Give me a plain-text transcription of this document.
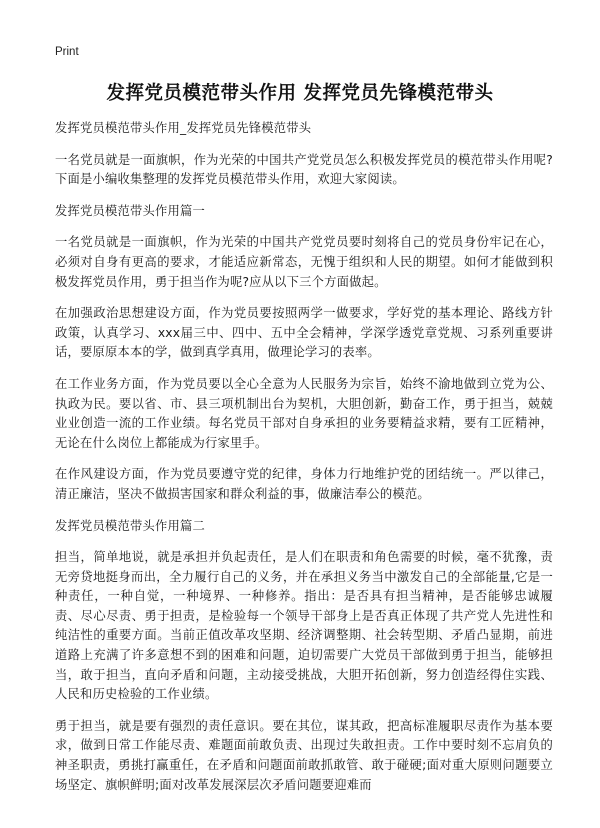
Print
发挥党员模范带头作用 发挥党员先锋模范带头

发挥党员模范带头作用_发挥党员先锋模范带头

一名党员就是一面旗帜，作为光荣的中国共产党党员怎么积极发挥党员的模范带头作用呢?下面是小编收集整理的发挥党员模范带头作用，欢迎大家阅读。

发挥党员模范带头作用篇一

一名党员就是一面旗帜，作为光荣的中国共产党党员要时刻将自己的党员身份牢记在心，必须对自身有更高的要求，才能适应新常态，无愧于组织和人民的期望。如何才能做到积极发挥党员作用，勇于担当作为呢?应从以下三个方面做起。

在加强政治思想建设方面，作为党员要按照两学一做要求，学好党的基本理论、路线方针政策，认真学习、xxx届三中、四中、五中全会精神，学深学透党章党规、习系列重要讲话，要原原本本的学，做到真学真用，做理论学习的表率。

在工作业务方面，作为党员要以全心全意为人民服务为宗旨，始终不渝地做到立党为公、执政为民。要以省、市、县三项机制出台为契机，大胆创新，勤奋工作，勇于担当，兢兢业业创造一流的工作业绩。每名党员干部对自身承担的业务要精益求精，要有工匠精神，无论在什么岗位上都能成为行家里手。

在作风建设方面，作为党员要遵守党的纪律，身体力行地维护党的团结统一。严以律己，清正廉洁，坚决不做损害国家和群众利益的事，做廉洁奉公的模范。

发挥党员模范带头作用篇二

担当，简单地说，就是承担并负起责任，是人们在职责和角色需要的时候，毫不犹豫，责无旁贷地挺身而出，全力履行自己的义务，并在承担义务当中激发自己的全部能量,它是一种责任，一种自觉，一种境界、一种修养。指出：是否具有担当精神，是否能够忠诚履责、尽心尽责、勇于担责，是检验每一个领导干部身上是否真正体现了共产党人先进性和纯洁性的重要方面。当前正值改革攻坚期、经济调整期、社会转型期、矛盾凸显期，前进道路上充满了许多意想不到的困难和问题，迫切需要广大党员干部做到勇于担当，能够担当，敢于担当，直向矛盾和问题，主动接受挑战，大胆开拓创新，努力创造经得住实践、人民和历史检验的工作业绩。

勇于担当，就是要有强烈的责任意识。要在其位，谋其政，把高标准履职尽责作为基本要求，做到日常工作能尽责、难题面前敢负责、出现过失敢担责。工作中要时刻不忘肩负的神圣职责，勇挑打赢重任，在矛盾和问题面前敢抓敢管、敢于碰硬;面对重大原则问题要立场坚定、旗帜鲜明;面对改革发展深层次矛盾问题要迎难而
